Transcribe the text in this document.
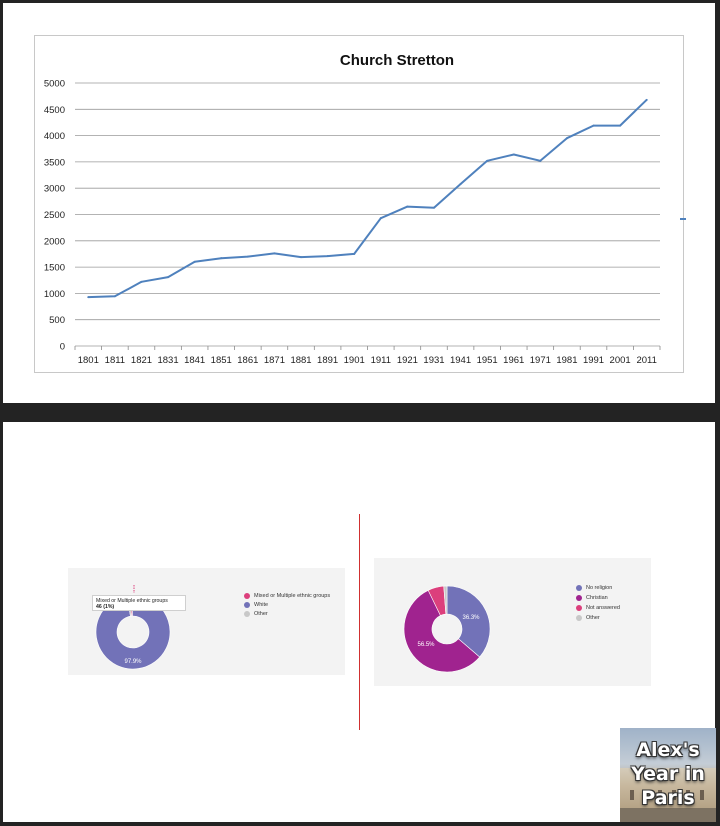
Church Stretton
0
500
1000
1500
2000
2500
3000
3500
4000
4500
5000
1801 1811 1821 1831 1841 1851 1861 1871 1881 1891 1901 1911 1921 1931 1941 1951 1961 1971 1981 1991 2001 2011
97.9%
Mixed or Multiple ethnic groups
46 (1%)
Mixed or Multiple ethnic groups
White
Other
36.3%
56.5%
No religion
Christian
Not answered
Other
Alex's
Year in
Paris
